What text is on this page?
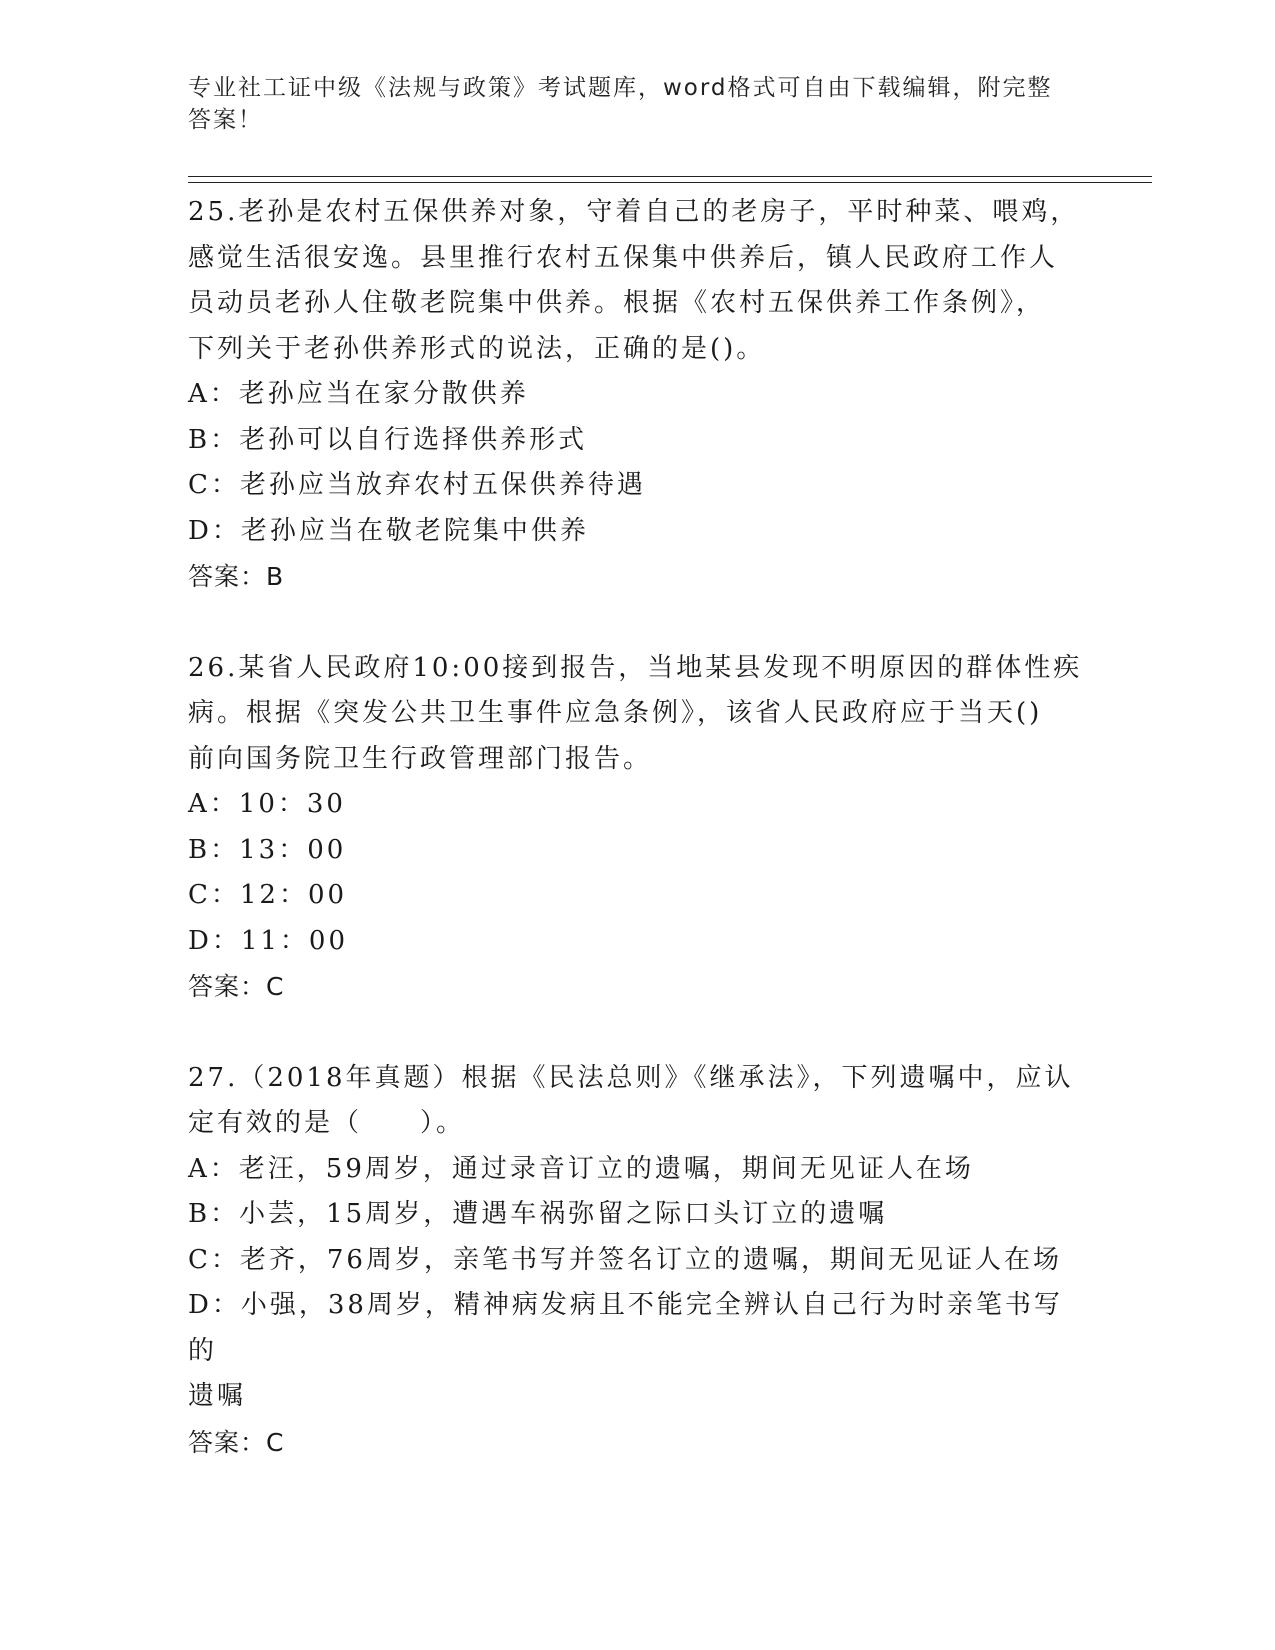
专业社工证中级《法规与政策》考试题库，word格式可自由下载编辑，附完整答案！
25.老孙是农村五保供养对象，守着自己的老房子，平时种菜、喂鸡，
感觉生活很安逸。县里推行农村五保集中供养后，镇人民政府工作人
员动员老孙人住敬老院集中供养。根据《农村五保供养工作条例》，
下列关于老孙供养形式的说法，正确的是()。
A：老孙应当在家分散供养
B：老孙可以自行选择供养形式
C：老孙应当放弃农村五保供养待遇
D：老孙应当在敬老院集中供养
答案：B
26.某省人民政府10:00接到报告，当地某县发现不明原因的群体性疾
病。根据《突发公共卫生事件应急条例》，该省人民政府应于当天()
前向国务院卫生行政管理部门报告。
A：10：30
B：13：00
C：12：00
D：11：00
答案：C
27.（2018年真题）根据《民法总则》《继承法》，下列遗嘱中，应认
定有效的是（　　）。
A：老汪，59周岁，通过录音订立的遗嘱，期间无见证人在场
B：小芸，15周岁，遭遇车祸弥留之际口头订立的遗嘱
C：老齐，76周岁，亲笔书写并签名订立的遗嘱，期间无见证人在场
D：小强，38周岁，精神病发病且不能完全辨认自己行为时亲笔书写的
遗嘱
答案：C
